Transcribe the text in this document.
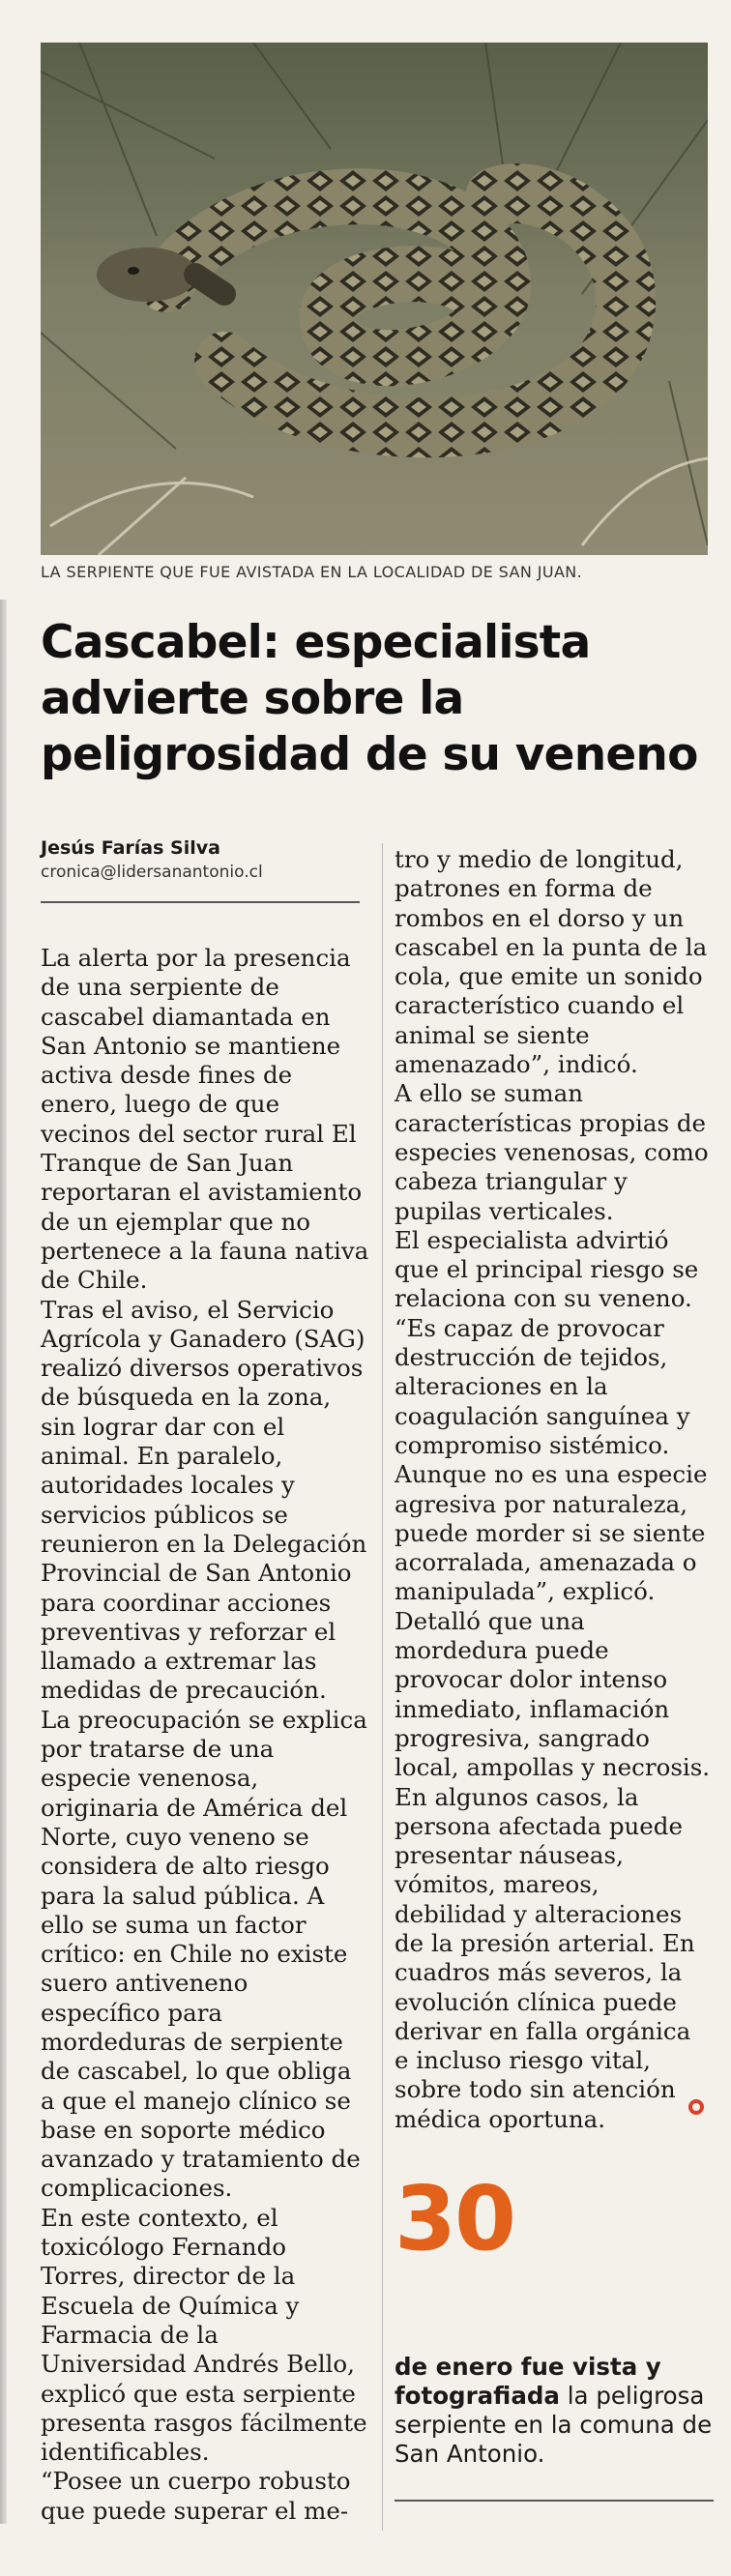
LA SERPIENTE QUE FUE AVISTADA EN LA LOCALIDAD DE SAN JUAN.
Cascabel: especialista advierte sobre la peligrosidad de su veneno
Jesús Farías Silva
cronica@lidersanantonio.cl

La alerta por la presencia de una serpiente de cascabel diamantada en San Antonio se mantiene activa desde fines de enero, luego de que vecinos del sector rural El Tranque de San Juan reportaran el avistamiento de un ejemplar que no pertenece a la fauna nativa de Chile.

Tras el aviso, el Servicio Agrícola y Ganadero (SAG) realizó diversos operativos de búsqueda en la zona, sin lograr dar con el animal. En paralelo, autoridades locales y servicios públicos se reunieron en la Delegación Provincial de San Antonio para coordinar acciones preventivas y reforzar el llamado a extremar las medidas de precaución.

La preocupación se explica por tratarse de una especie venenosa, originaria de América del Norte, cuyo veneno se considera de alto riesgo para la salud pública. A ello se suma un factor crítico: en Chile no existe suero antiveneno específico para mordeduras de serpiente de cascabel, lo que obliga a que el manejo clínico se base en soporte médico avanzado y tratamiento de complicaciones.

En este contexto, el toxicólogo Fernando Torres, director de la Escuela de Química y Farmacia de la Universidad Andrés Bello, explicó que esta serpiente presenta rasgos fácilmente identificables.

“Posee un cuerpo robusto que puede superar el me-

tro y medio de longitud, patrones en forma de rombos en el dorso y un cascabel en la punta de la cola, que emite un sonido característico cuando el animal se siente amenazado”, indicó.

A ello se suman características propias de especies venenosas, como cabeza triangular y pupilas verticales.

El especialista advirtió que el principal riesgo se relaciona con su veneno. “Es capaz de provocar destrucción de tejidos, alteraciones en la coagulación sanguínea y compromiso sistémico. Aunque no es una especie agresiva por naturaleza, puede morder si se siente acorralada, amenazada o manipulada”, explicó.

Detalló que una mordedura puede provocar dolor intenso inmediato, inflamación progresiva, sangrado local, ampollas y necrosis. En algunos casos, la persona afectada puede presentar náuseas, vómitos, mareos, debilidad y alteraciones de la presión arterial. En cuadros más severos, la evolución clínica puede derivar en falla orgánica e incluso riesgo vital, sobre todo sin atención médica oportuna.

30
de enero fue vista y fotografiada la peligrosa serpiente en la comuna de San Antonio.
